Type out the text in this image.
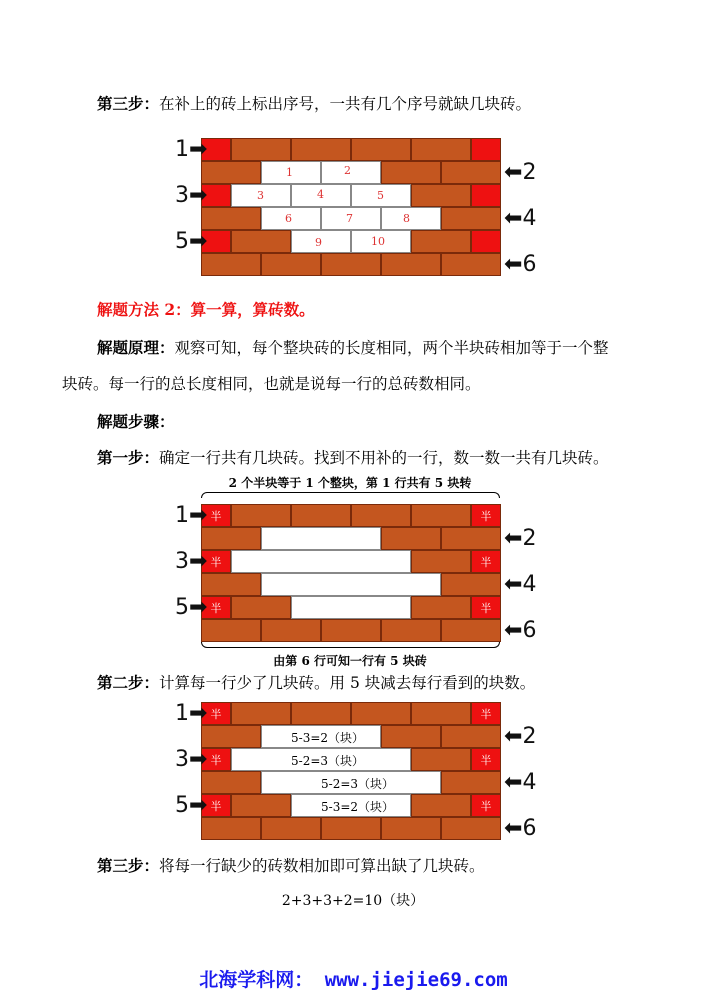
第三步：在补上的砖上标出序号，一共有几个序号就缺几块砖。
1	2
3	4	5
6	7	8
9	10
1 ➡
⬅ 2
3 ➡
⬅ 4
5 ➡
⬅ 6
解题方法 2：算一算，算砖数。
解题原理：观察可知，每个整块砖的长度相同，两个半块砖相加等于一个整
块砖。每一行的总长度相同，也就是说每一行的总砖数相同。
解题步骤：
第一步：确定一行共有几块砖。找到不用补的一行，数一数一共有几块砖。
2 个半块等于 1 个整块，第 1 行共有 5 块转
半	半
半	半
半	半
1 ➡
⬅ 2
3 ➡
⬅ 4
5 ➡
⬅ 6
由第 6 行可知一行有 5 块砖
第二步：计算每一行少了几块砖。用 5 块减去每行看到的块数。
半	半
半	半
半	半
5-3=2（块）
5-2=3（块）
5-2=3（块）
5-3=2（块）
1 ➡
⬅ 2
3 ➡
⬅ 4
5 ➡
⬅ 6
第三步：将每一行缺少的砖数相加即可算出缺了几块砖。
2+3+3+2=10（块）
北海学科网： www.jiejie69.com
